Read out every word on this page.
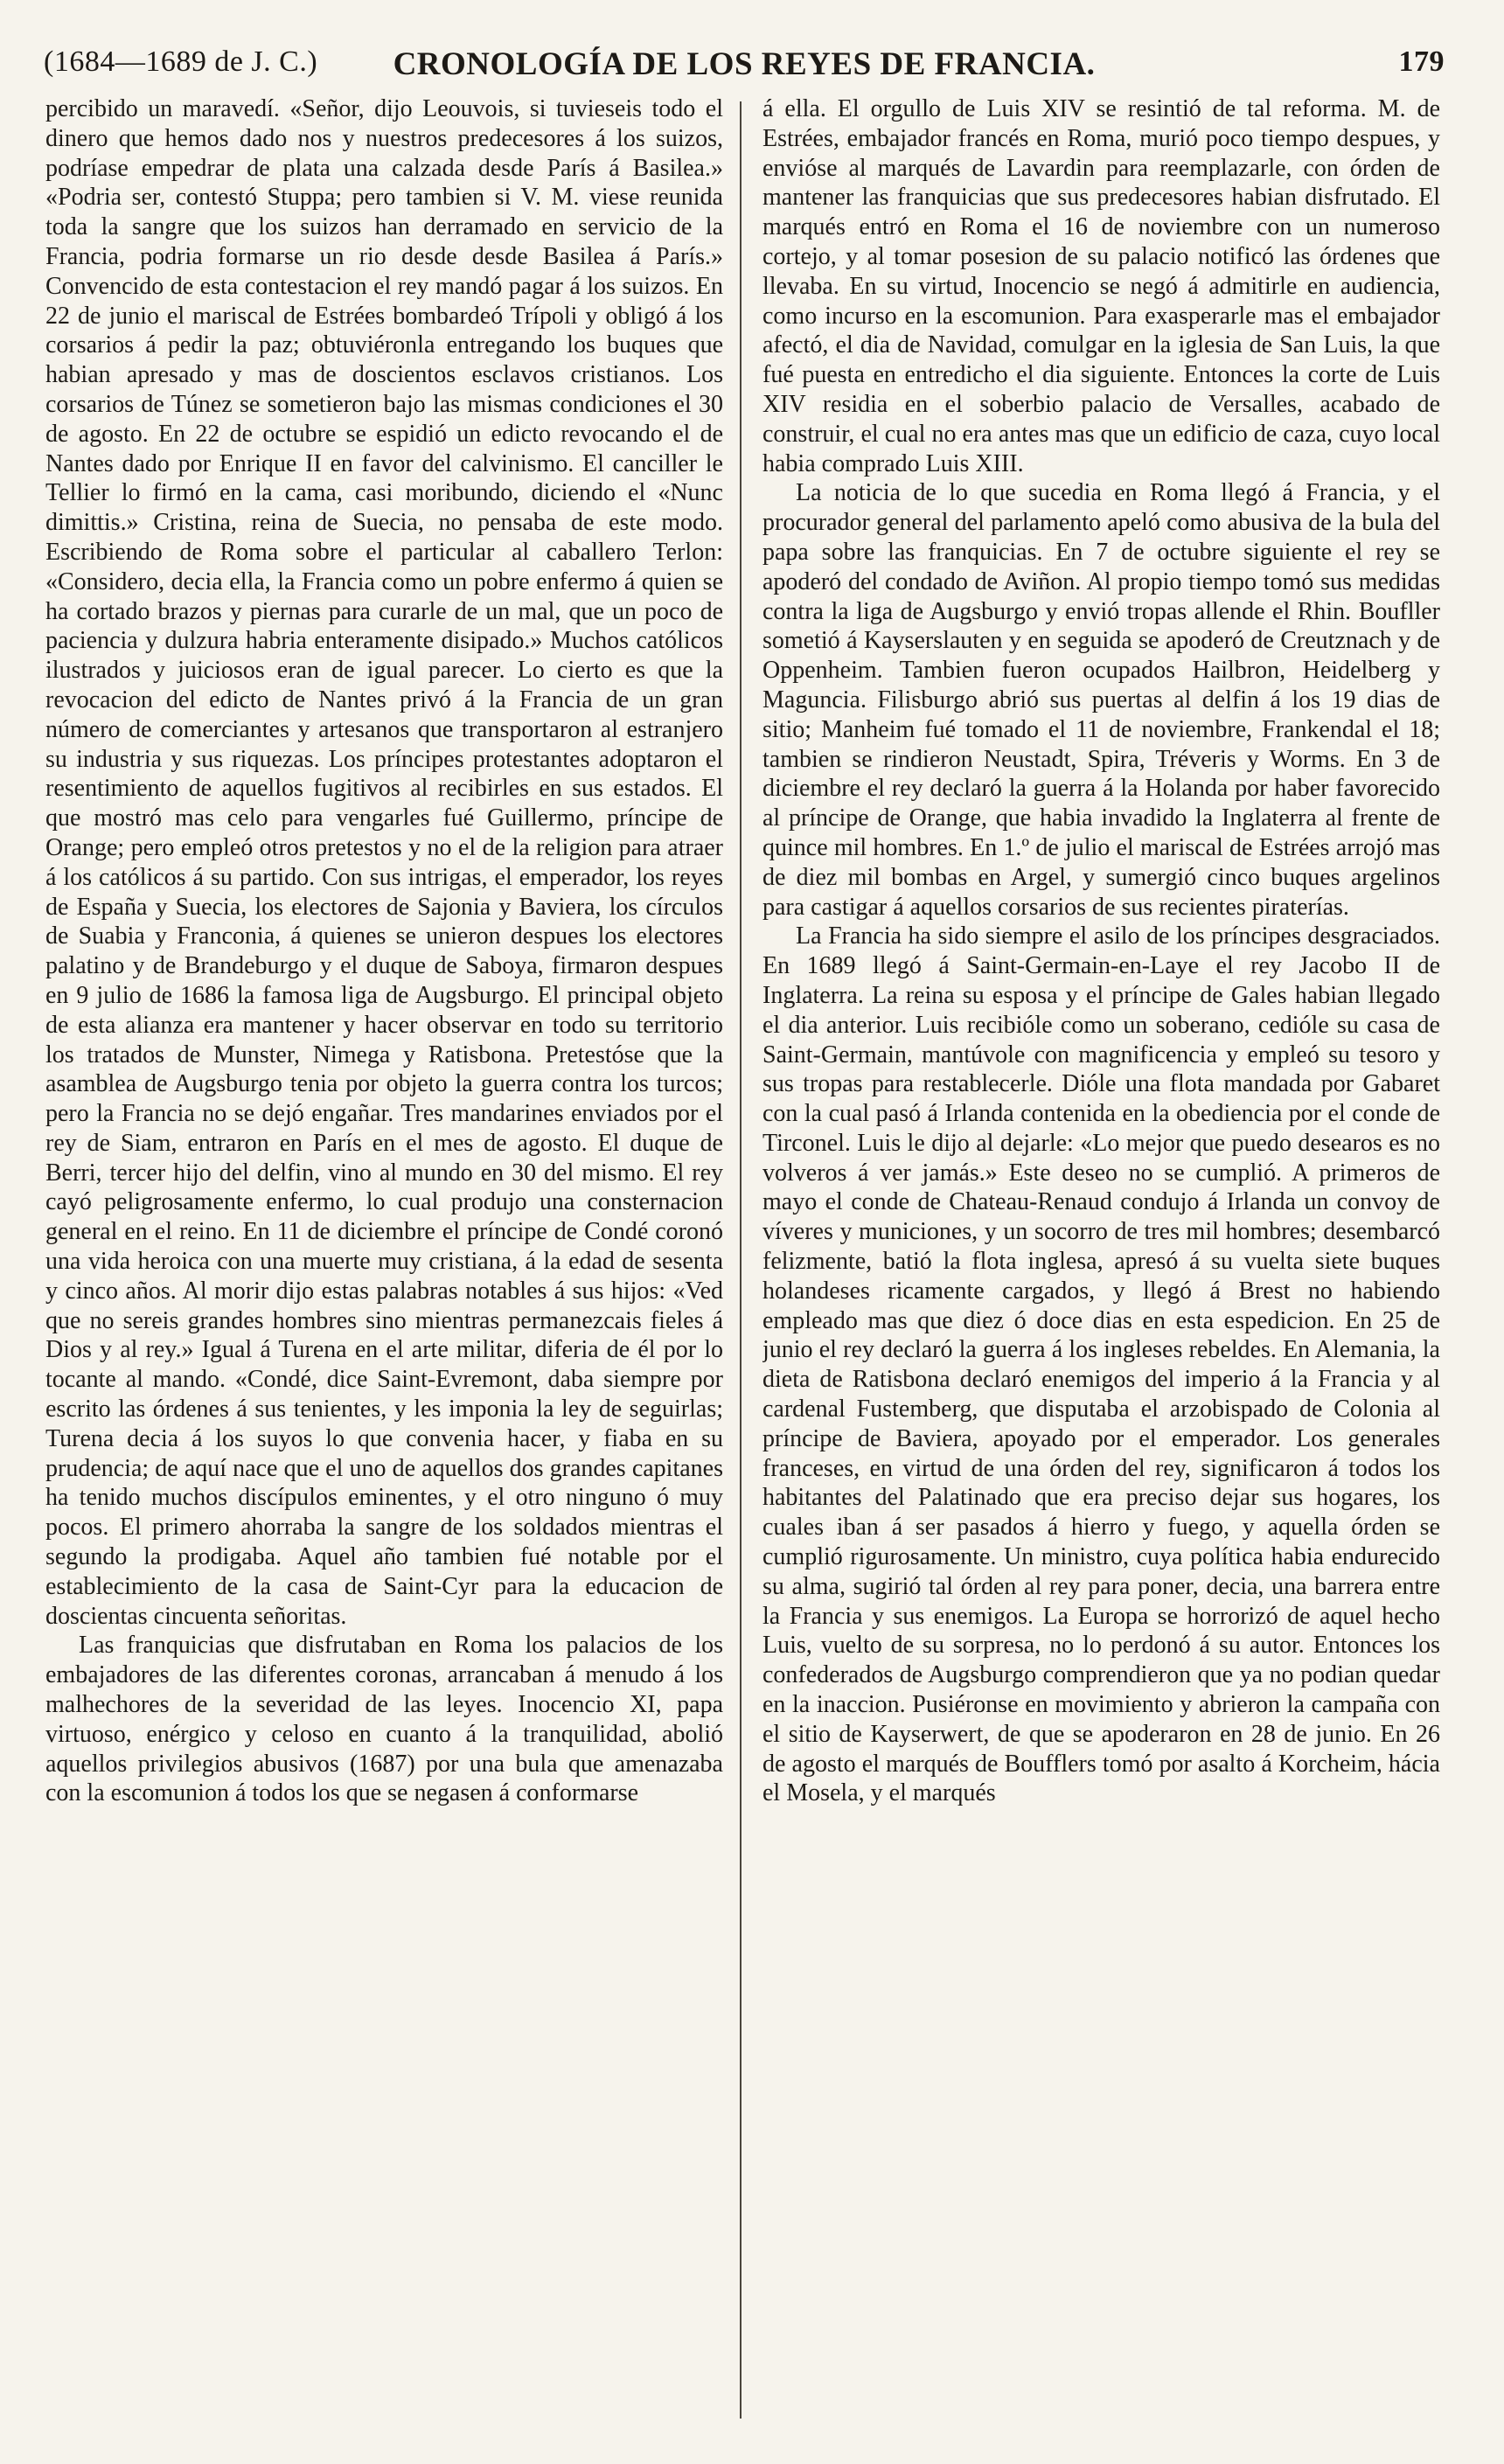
(1684—1689 de J. C.)	CRONOLOGÍA DE LOS REYES DE FRANCIA.	179

percibido un maravedí. «Señor, dijo Leouvois, si tuvieseis todo el dinero que hemos dado nos y nuestros predecesores á los suizos, podríase empedrar de plata una calzada desde París á Basilea.» «Podria ser, contestó Stuppa; pero tambien si V. M. viese reunida toda la sangre que los suizos han derramado en servicio de la Francia, podria formarse un rio desde desde Basilea á París.» Convencido de esta contestacion el rey mandó pagar á los suizos. En 22 de junio el mariscal de Estrées bombardeó Trípoli y obligó á los corsarios á pedir la paz; obtuviéronla entregando los buques que habian apresado y mas de doscientos esclavos cristianos. Los corsarios de Túnez se sometieron bajo las mismas condiciones el 30 de agosto. En 22 de octubre se espidió un edicto revocando el de Nantes dado por Enrique II en favor del calvinismo. El canciller le Tellier lo firmó en la cama, casi moribundo, diciendo el «Nunc dimittis.» Cristina, reina de Suecia, no pensaba de este modo. Escribiendo de Roma sobre el particular al caballero Terlon: «Considero, decia ella, la Francia como un pobre enfermo á quien se ha cortado brazos y piernas para curarle de un mal, que un poco de paciencia y dulzura habria enteramente disipado.» Muchos católicos ilustrados y juiciosos eran de igual parecer. Lo cierto es que la revocacion del edicto de Nantes privó á la Francia de un gran número de comerciantes y artesanos que transportaron al estranjero su industria y sus riquezas. Los príncipes protestantes adoptaron el resentimiento de aquellos fugitivos al recibirles en sus estados. El que mostró mas celo para vengarles fué Guillermo, príncipe de Orange; pero empleó otros pretestos y no el de la religion para atraer á los católicos á su partido. Con sus intrigas, el emperador, los reyes de España y Suecia, los electores de Sajonia y Baviera, los círculos de Suabia y Franconia, á quienes se unieron despues los electores palatino y de Brandeburgo y el duque de Saboya, firmaron despues en 9 julio de 1686 la famosa liga de Augsburgo. El principal objeto de esta alianza era mantener y hacer observar en todo su territorio los tratados de Munster, Nimega y Ratisbona. Pretestóse que la asamblea de Augsburgo tenia por objeto la guerra contra los turcos; pero la Francia no se dejó engañar. Tres mandarines enviados por el rey de Siam, entraron en París en el mes de agosto. El duque de Berri, tercer hijo del delfin, vino al mundo en 30 del mismo. El rey cayó peligrosamente enfermo, lo cual produjo una consternacion general en el reino. En 11 de diciembre el príncipe de Condé coronó una vida heroica con una muerte muy cristiana, á la edad de sesenta y cinco años. Al morir dijo estas palabras notables á sus hijos: «Ved que no sereis grandes hombres sino mientras permanezcais fieles á Dios y al rey.» Igual á Turena en el arte militar, diferia de él por lo tocante al mando. «Condé, dice Saint-Evremont, daba siempre por escrito las órdenes á sus tenientes, y les imponia la ley de seguirlas; Turena decia á los suyos lo que convenia hacer, y fiaba en su prudencia; de aquí nace que el uno de aquellos dos grandes capitanes ha tenido muchos discípulos eminentes, y el otro ninguno ó muy pocos. El primero ahorraba la sangre de los soldados mientras el segundo la prodigaba. Aquel año tambien fué notable por el establecimiento de la casa de Saint-Cyr para la educacion de doscientas cincuenta señoritas.

Las franquicias que disfrutaban en Roma los palacios de los embajadores de las diferentes coronas, arrancaban á menudo á los malhechores de la severidad de las leyes. Inocencio XI, papa virtuoso, enérgico y celoso en cuanto á la tranquilidad, abolió aquellos privilegios abusivos (1687) por una bula que amenazaba con la escomunion á todos los que se negasen á conformarse

á ella. El orgullo de Luis XIV se resintió de tal reforma. M. de Estrées, embajador francés en Roma, murió poco tiempo despues, y envióse al marqués de Lavardin para reemplazarle, con órden de mantener las franquicias que sus predecesores habian disfrutado. El marqués entró en Roma el 16 de noviembre con un numeroso cortejo, y al tomar posesion de su palacio notificó las órdenes que llevaba. En su virtud, Inocencio se negó á admitirle en audiencia, como incurso en la escomunion. Para exasperarle mas el embajador afectó, el dia de Navidad, comulgar en la iglesia de San Luis, la que fué puesta en entredicho el dia siguiente. Entonces la corte de Luis XIV residia en el soberbio palacio de Versalles, acabado de construir, el cual no era antes mas que un edificio de caza, cuyo local habia comprado Luis XIII.

La noticia de lo que sucedia en Roma llegó á Francia, y el procurador general del parlamento apeló como abusiva de la bula del papa sobre las franquicias. En 7 de octubre siguiente el rey se apoderó del condado de Aviñon. Al propio tiempo tomó sus medidas contra la liga de Augsburgo y envió tropas allende el Rhin. Boufller sometió á Kayserslauten y en seguida se apoderó de Creutznach y de Oppenheim. Tambien fueron ocupados Hailbron, Heidelberg y Maguncia. Filisburgo abrió sus puertas al delfin á los 19 dias de sitio; Manheim fué tomado el 11 de noviembre, Frankendal el 18; tambien se rindieron Neustadt, Spira, Tréveris y Worms. En 3 de diciembre el rey declaró la guerra á la Holanda por haber favorecido al príncipe de Orange, que habia invadido la Inglaterra al frente de quince mil hombres. En 1.º de julio el mariscal de Estrées arrojó mas de diez mil bombas en Argel, y sumergió cinco buques argelinos para castigar á aquellos corsarios de sus recientes piraterías.

La Francia ha sido siempre el asilo de los príncipes desgraciados. En 1689 llegó á Saint-Germain-en-Laye el rey Jacobo II de Inglaterra. La reina su esposa y el príncipe de Gales habian llegado el dia anterior. Luis recibióle como un soberano, cedióle su casa de Saint-Germain, mantúvole con magnificencia y empleó su tesoro y sus tropas para restablecerle. Dióle una flota mandada por Gabaret con la cual pasó á Irlanda contenida en la obediencia por el conde de Tirconel. Luis le dijo al dejarle: «Lo mejor que puedo desearos es no volveros á ver jamás.» Este deseo no se cumplió. A primeros de mayo el conde de Chateau-Renaud condujo á Irlanda un convoy de víveres y municiones, y un socorro de tres mil hombres; desembarcó felizmente, batió la flota inglesa, apresó á su vuelta siete buques holandeses ricamente cargados, y llegó á Brest no habiendo empleado mas que diez ó doce dias en esta espedicion. En 25 de junio el rey declaró la guerra á los ingleses rebeldes. En Alemania, la dieta de Ratisbona declaró enemigos del imperio á la Francia y al cardenal Fustemberg, que disputaba el arzobispado de Colonia al príncipe de Baviera, apoyado por el emperador. Los generales franceses, en virtud de una órden del rey, significaron á todos los habitantes del Palatinado que era preciso dejar sus hogares, los cuales iban á ser pasados á hierro y fuego, y aquella órden se cumplió rigurosamente. Un ministro, cuya política habia endurecido su alma, sugirió tal órden al rey para poner, decia, una barrera entre la Francia y sus enemigos. La Europa se horrorizó de aquel hecho Luis, vuelto de su sorpresa, no lo perdonó á su autor. Entonces los confederados de Augsburgo comprendieron que ya no podian quedar en la inaccion. Pusiéronse en movimiento y abrieron la campaña con el sitio de Kayserwert, de que se apoderaron en 28 de junio. En 26 de agosto el marqués de Boufflers tomó por asalto á Korcheim, hácia el Mosela, y el marqués
